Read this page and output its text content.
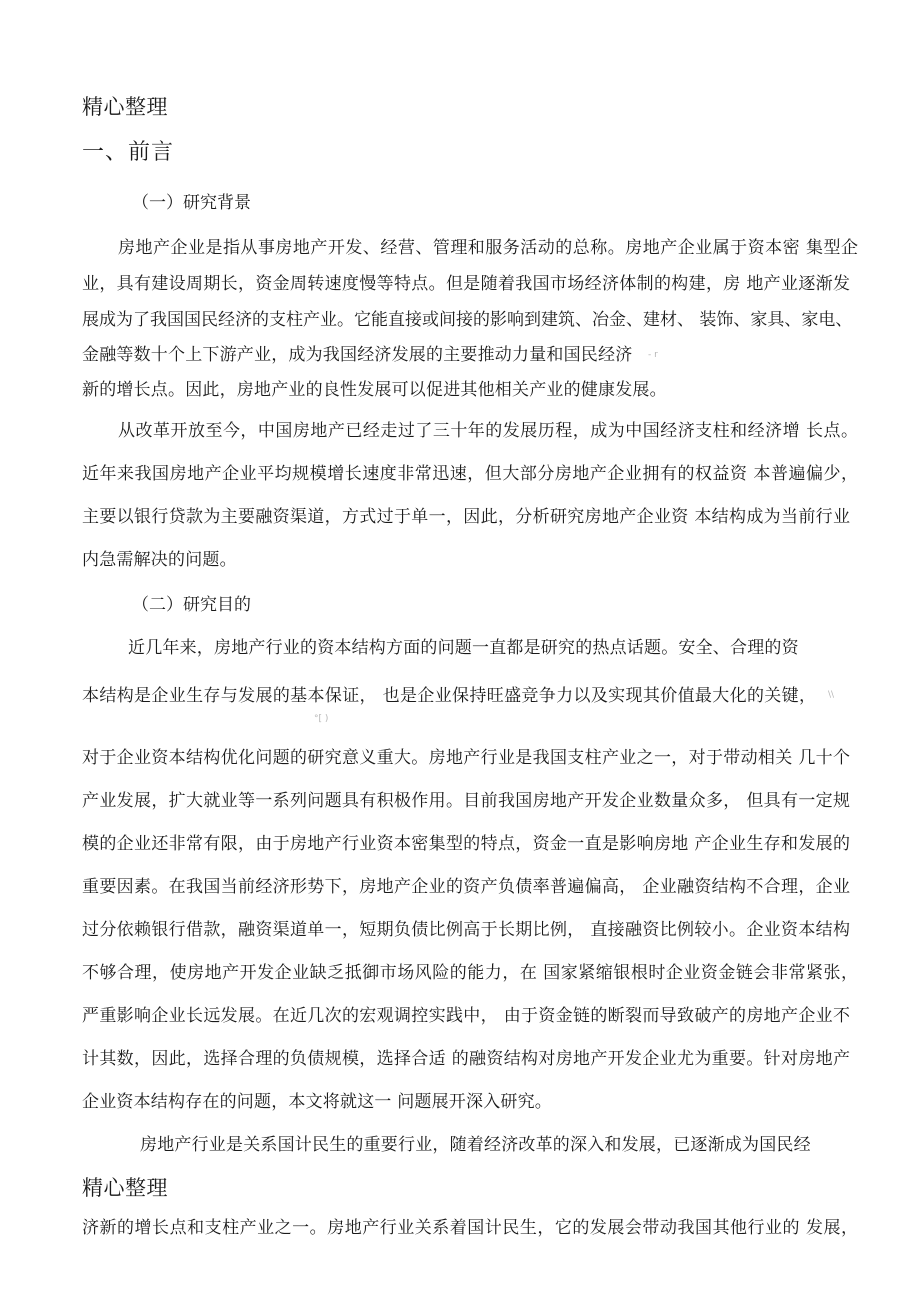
精心整理
一、前言
（一）研究背景
房地产企业是指从事房地产开发、经营、管理和服务活动的总称。房地产企业属于资本密 集型企
业，具有建设周期长，资金周转速度慢等特点。但是随着我国市场经济体制的构建，房 地产业逐渐发
展成为了我国国民经济的支柱产业。它能直接或间接的影响到建筑、冶金、建材、 装饰、家具、家电、
金融等数十个上下游产业，成为我国经济发展的主要推动力量和国民经济 - r
新的增长点。因此，房地产业的良性发展可以促进其他相关产业的健康发展。
从改革开放至今，中国房地产已经走过了三十年的发展历程，成为中国经济支柱和经济增 长点。
近年来我国房地产企业平均规模增长速度非常迅速，但大部分房地产企业拥有的权益资 本普遍偏少，
主要以银行贷款为主要融资渠道，方式过于单一，因此，分析研究房地产企业资 本结构成为当前行业
内急需解决的问题。
（二）研究目的
近几年来，房地产行业的资本结构方面的问题一直都是研究的热点话题。安全、合理的资
本结构是企业生存与发展的基本保证， 也是企业保持旺盛竞争力以及实现其价值最大化的关键， \\
°[ )
对于企业资本结构优化问题的研究意义重大。房地产行业是我国支柱产业之一，对于带动相关 几十个
产业发展，扩大就业等一系列问题具有积极作用。目前我国房地产开发企业数量众多， 但具有一定规
模的企业还非常有限，由于房地产行业资本密集型的特点，资金一直是影响房地 产企业生存和发展的
重要因素。在我国当前经济形势下，房地产企业的资产负债率普遍偏高， 企业融资结构不合理，企业
过分依赖银行借款，融资渠道单一，短期负债比例高于长期比例， 直接融资比例较小。企业资本结构
不够合理，使房地产开发企业缺乏抵御市场风险的能力，在 国家紧缩银根时企业资金链会非常紧张，
严重影响企业长远发展。在近几次的宏观调控实践中， 由于资金链的断裂而导致破产的房地产企业不
计其数，因此，选择合理的负债规模，选择合适 的融资结构对房地产开发企业尤为重要。针对房地产
企业资本结构存在的问题，本文将就这一 问题展开深入研究。
房地产行业是关系国计民生的重要行业，随着经济改革的深入和发展，已逐渐成为国民经
精心整理
济新的增长点和支柱产业之一。房地产行业关系着国计民生，它的发展会带动我国其他行业的 发展，
